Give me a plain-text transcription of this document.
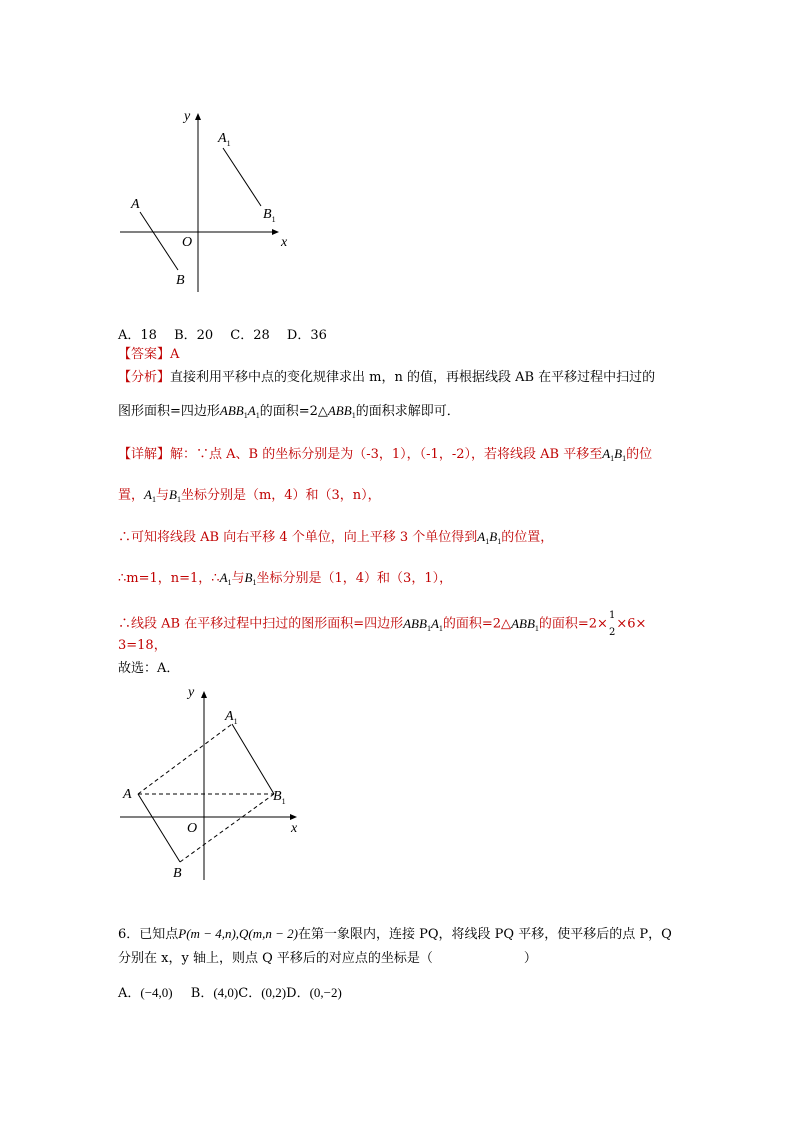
y
x
O
A
B
$A_1$
$B_1$
A．18　 B．20　 C．28　 D．36
【答案】A
【分析】直接利用平移中点的变化规律求出 m，n 的值，再根据线段 AB 在平移过程中扫过的
图形面积=四边形$ABB_1A_1$的面积$=2\triangle ABB_1$的面积求解即可．
【详解】解：∵点 A、B 的坐标分别是为（-3，1），（-1，-2），若将线段 AB 平移至$A_1B_1$的位
置，$A_1$与$B_1$坐标分别是（m，4）和（3，n），
∴可知将线段 AB 向右平移 4 个单位，向上平移 3 个单位得到$A_1B_1$的位置，
∴m=1，n=1，$\therefore A_1$与$B_1$坐标分别是（1，4）和（3，1），
∴线段 AB 在平移过程中扫过的图形面积=四边形$ABB_1A_1$的面积$=2\triangle ABB_1$的面积=2×
1
2
×6×
3=18，
故选：A．
y
x
O
A
B
$A_1$
$B_1$
6．已知点P(m − 4,n),Q(m,n − 2)在第一象限内，连接 PQ，将线段 PQ 平移，使平移后的点 P，Q
分别在 x，y 轴上，则点 Q 平移后的对应点的坐标是（　　　　　　　）
A．(−4,0) B．(4,0)C．(0,2)D．(0,−2)
